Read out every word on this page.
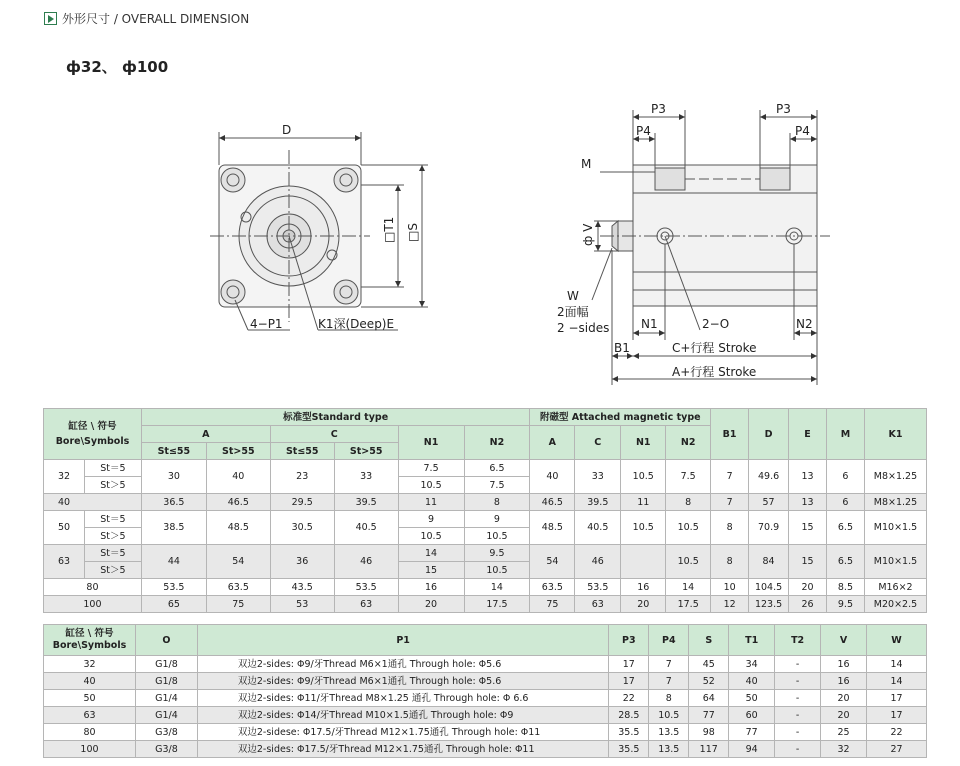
外形尺寸 / OVERALL DIMENSION
ф32、 ф100
D
□T1 □S
4−P1	K1深(Deep)E
P3
P4
P3
P4
M
ф V
W
2面幅
2 −sides	N1	2−O	N2
B1	C+行程 Stroke
A+行程 Stroke
缸径 \ 符号
Bore\Symbols		标准型Standard type						附磁型 Attached magnetic type				B1	D	E	M	K1
		A		C		N1	N2	A	C	N1	N2					
		St≤55	St>55	St≤55	St>55											
32	St＝5	30	40	23	33	7.5	6.5	40	33	10.5	7.5	7	49.6	13	6	M8×1.25
	St＞5					10.5	7.5									
40		36.5	46.5	29.5	39.5	11	8	46.5	39.5	11	8	7	57	13	6	M8×1.25
50	St＝5	38.5	48.5	30.5	40.5	9	9	48.5	40.5	10.5	10.5	8	70.9	15	6.5	M10×1.5
	St＞5					10.5	10.5									
63	St＝5	44	54	36	46	14	9.5	54	46		10.5	8	84	15	6.5	M10×1.5
	St＞5					15	10.5									
80		53.5	63.5	43.5	53.5	16	14	63.5	53.5	16	14	10	104.5	20	8.5	M16×2
100		65	75	53	63	20	17.5	75	63	20	17.5	12	123.5	26	9.5	M20×2.5
缸径 \ 符号
Bore\Symbols	O	P1	P3	P4	S	T1	T2	V	W
32	G1/8	双边2-sides: Φ9/牙Thread M6×1通孔 Through hole: Φ5.6	17	7	45	34	-	16	14
40	G1/8	双边2-sides: Φ9/牙Thread M6×1通孔 Through hole: Φ5.6	17	7	52	40	-	16	14
50	G1/4	双边2-sides: Φ11/牙Thread M8×1.25 通孔 Through hole: Φ 6.6	22	8	64	50	-	20	17
63	G1/4	双边2-sides: Φ14/牙Thread M10×1.5通孔 Through hole: Φ9	28.5	10.5	77	60	-	20	17
80	G3/8	双边2-sidese: Φ17.5/牙Thread M12×1.75通孔 Through hole: Φ11	35.5	13.5	98	77	-	25	22
100	G3/8	双边2-sides: Φ17.5/牙Thread M12×1.75通孔 Through hole: Φ11	35.5	13.5	117	94	-	32	27
